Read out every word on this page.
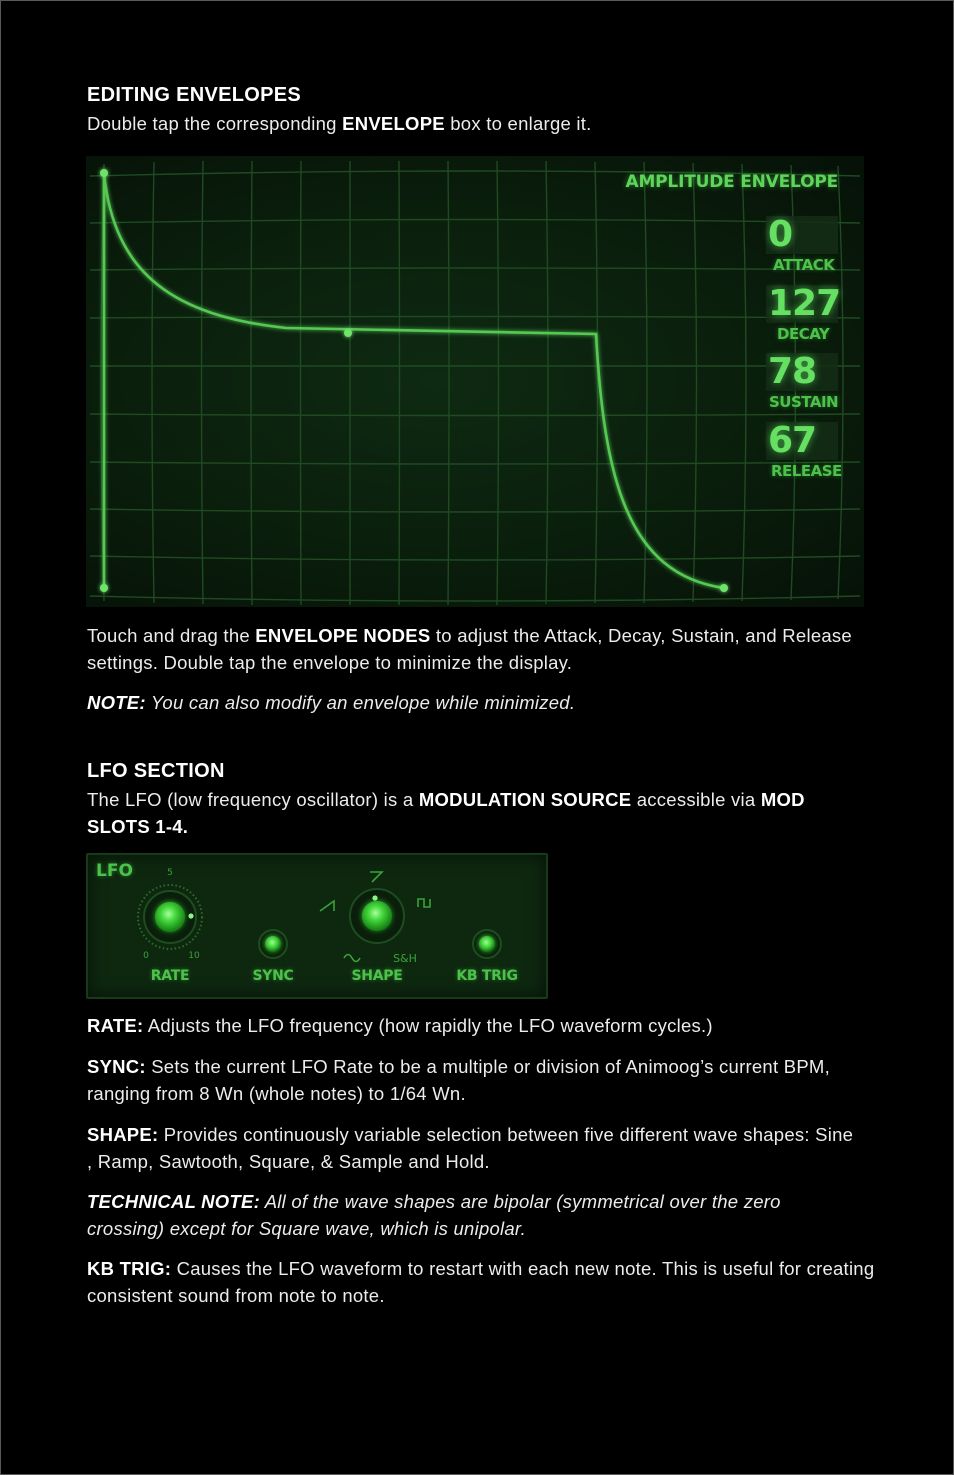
EDITING ENVELOPES
Double tap the corresponding ENVELOPE box to enlarge it.
AMPLITUDE ENVELOPE
0
ATTACK
127
DECAY
78
SUSTAIN
67
RELEASE
Touch and drag the ENVELOPE NODES to adjust the Attack, Decay, Sustain, and Release settings. Double tap the envelope to minimize the display.
NOTE: You can also modify an envelope while minimized.
LFO SECTION
The LFO (low frequency oscillator) is a MODULATION SOURCE accessible via MOD SLOTS 1-4.
LFO	5
0	10	S&H
RATE	SYNC	SHAPE	KB TRIG
RATE: Adjusts the LFO frequency (how rapidly the LFO waveform cycles.)
SYNC: Sets the current LFO Rate to be a multiple or division of Animoog’s current BPM, ranging from 8 Wn (whole notes) to 1/64 Wn.
SHAPE: Provides continuously variable selection between five different wave shapes: Sine , Ramp, Sawtooth, Square, & Sample and Hold.
TECHNICAL NOTE: All of the wave shapes are bipolar (symmetrical over the zero crossing) except for Square wave, which is unipolar.
KB TRIG: Causes the LFO waveform to restart with each new note. This is useful for creating consistent sound from note to note.
